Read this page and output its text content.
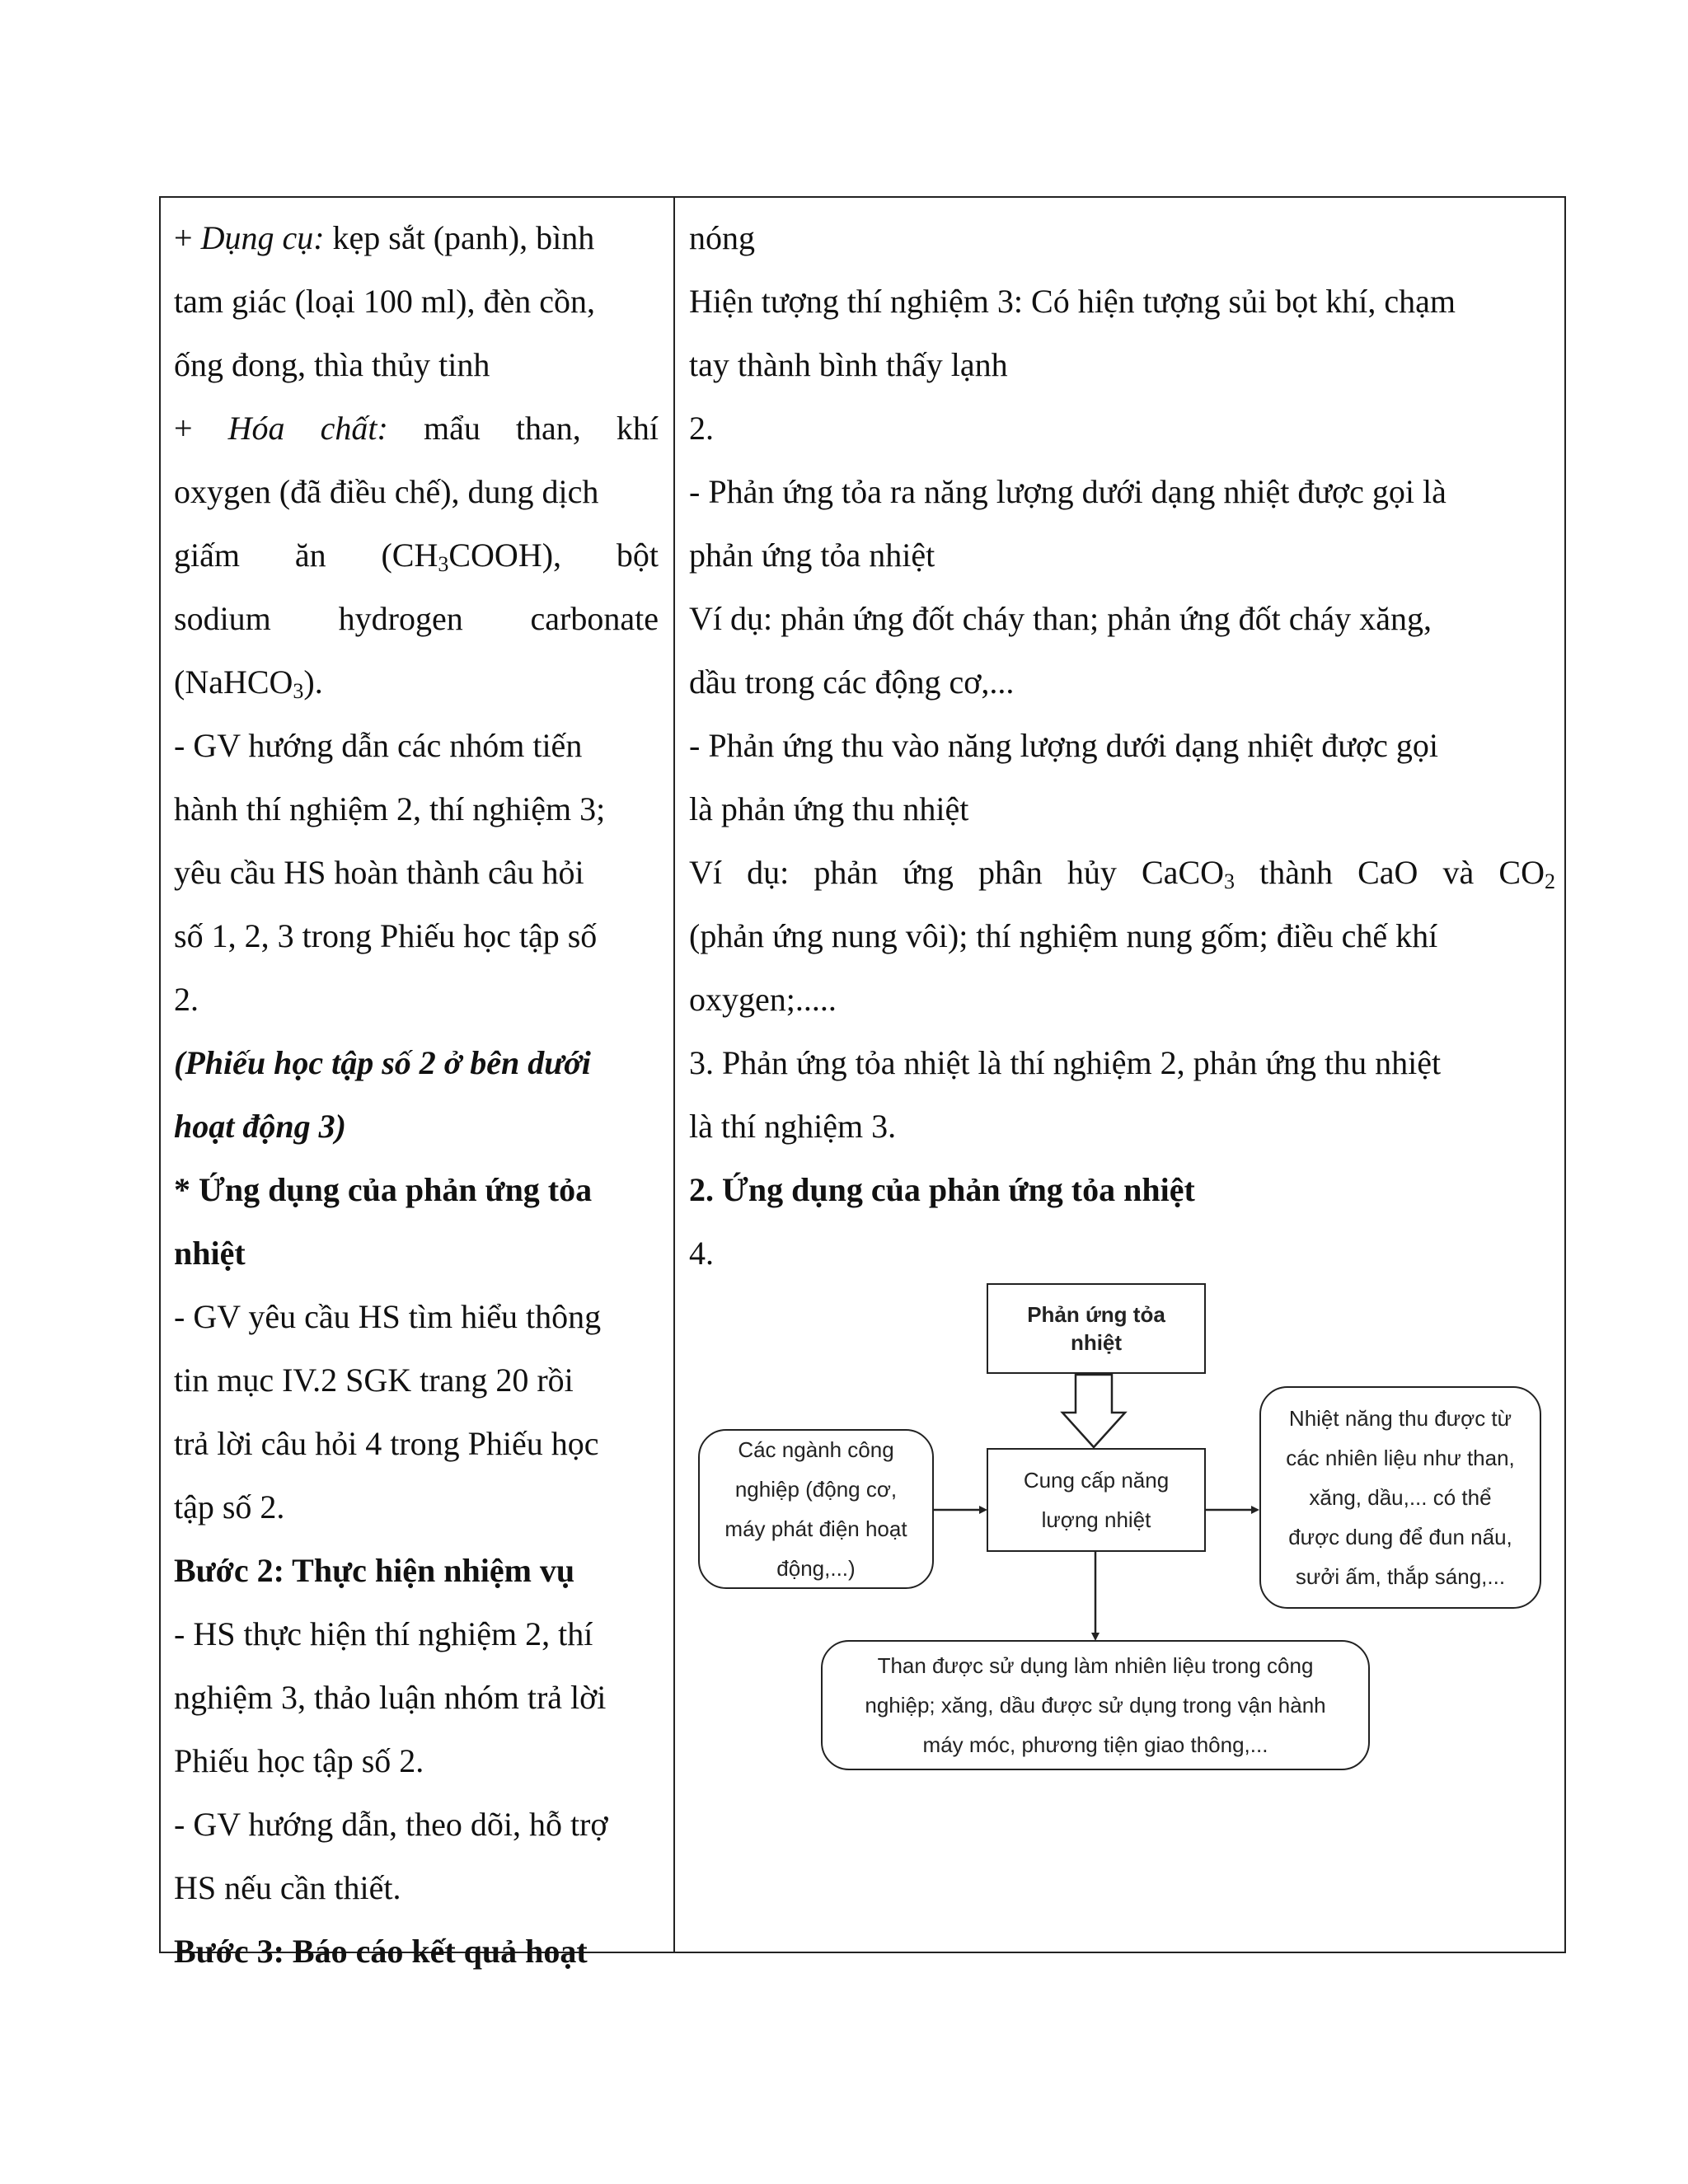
+ Dụng cụ: kẹp sắt (panh), bình
tam giác (loại 100 ml), đèn cồn,
ống đong, thìa thủy tinh
+ Hóa chất: mẩu than, khí
oxygen (đã điều chế), dung dịch
giấm ăn $(CH_3COOH)$, bột
sodium hydrogen carbonate
(NaHCO$_3$).
- GV hướng dẫn các nhóm tiến
hành thí nghiệm 2, thí nghiệm 3;
yêu cầu HS hoàn thành câu hỏi
số 1, 2, 3 trong Phiếu học tập số
2.
(Phiếu học tập số 2 ở bên dưới
hoạt động 3)
* Ứng dụng của phản ứng tỏa
nhiệt
- GV yêu cầu HS tìm hiểu thông
tin mục IV.2 SGK trang 20 rồi
trả lời câu hỏi 4 trong Phiếu học
tập số 2.
Bước 2: Thực hiện nhiệm vụ
- HS thực hiện thí nghiệm 2, thí
nghiệm 3, thảo luận nhóm trả lời
Phiếu học tập số 2.
- GV hướng dẫn, theo dõi, hỗ trợ
HS nếu cần thiết.
Bước 3: Báo cáo kết quả hoạt
nóng
Hiện tượng thí nghiệm 3: Có hiện tượng sủi bọt khí, chạm
tay thành bình thấy lạnh
2.
- Phản ứng tỏa ra năng lượng dưới dạng nhiệt được gọi là
phản ứng tỏa nhiệt
Ví dụ: phản ứng đốt cháy than; phản ứng đốt cháy xăng,
dầu trong các động cơ,...
- Phản ứng thu vào năng lượng dưới dạng nhiệt được gọi
là phản ứng thu nhiệt
Ví dụ: phản ứng phân hủy CaCO$_3$ thành CaO và $CO_2$
(phản ứng nung vôi); thí nghiệm nung gốm; điều chế khí
oxygen;.....
3. Phản ứng tỏa nhiệt là thí nghiệm 2, phản ứng thu nhiệt
là thí nghiệm 3.
2. Ứng dụng của phản ứng tỏa nhiệt
4.
Phản ứng tỏa
nhiệt
Cung cấp năng
lượng nhiệt
Các ngành công
nghiệp (động cơ,
máy phát điện hoạt
động,...)
Nhiệt năng thu được từ
các nhiên liệu như than,
xăng, dầu,... có thể
được dung để đun nấu,
sưởi ấm, thắp sáng,...
Than được sử dụng làm nhiên liệu trong công
nghiệp; xăng, dầu được sử dụng trong vận hành
máy móc, phương tiện giao thông,...
